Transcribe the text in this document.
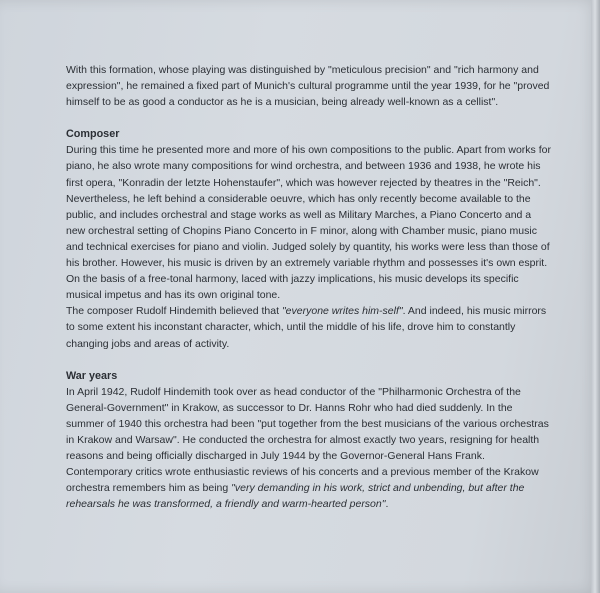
With this formation, whose playing was distinguished by "meticulous precision" and "rich harmony and expression", he remained a fixed part of Munich's cultural programme until the year 1939, for he "proved himself to be as good a conductor as he is a musician, being already well-known as a cellist".

Composer

During this time he presented more and more of his own compositions to the public. Apart from works for piano, he also wrote many compositions for wind orchestra, and between 1936 and 1938, he wrote his first opera, "Konradin der letzte Hohenstaufer", which was however rejected by theatres in the "Reich". Nevertheless, he left behind a considerable oeuvre, which has only recently become available to the public, and includes orchestral and stage works as well as Military Marches, a Piano Concerto and a new orchestral setting of Chopins Piano Concerto in F minor, along with Chamber music, piano music and technical exercises for piano and violin. Judged solely by quantity, his works were less than those of his brother. However, his music is driven by an extremely variable rhythm and possesses it's own esprit. On the basis of a free-tonal harmony, laced with jazzy implications, his music develops its specific musical impetus and has its own original tone.

The composer Rudolf Hindemith believed that "everyone writes him-self". And indeed, his music mirrors to some extent his inconstant character, which, until the middle of his life, drove him to constantly changing jobs and areas of activity.

War years

In April 1942, Rudolf Hindemith took over as head conductor of the "Philharmonic Orchestra of the General-Government" in Krakow, as successor to Dr. Hanns Rohr who had died suddenly. In the summer of 1940 this orchestra had been "put together from the best musicians of the various orchestras in Krakow and Warsaw". He conducted the orchestra for almost exactly two years, resigning for health reasons and being officially discharged in July 1944 by the Governor-General Hans Frank.

Contemporary critics wrote enthusiastic reviews of his concerts and a previous member of the Krakow orchestra remembers him as being "very demanding in his work, strict and unbending, but after the rehearsals he was transformed, a friendly and warm-hearted person".
